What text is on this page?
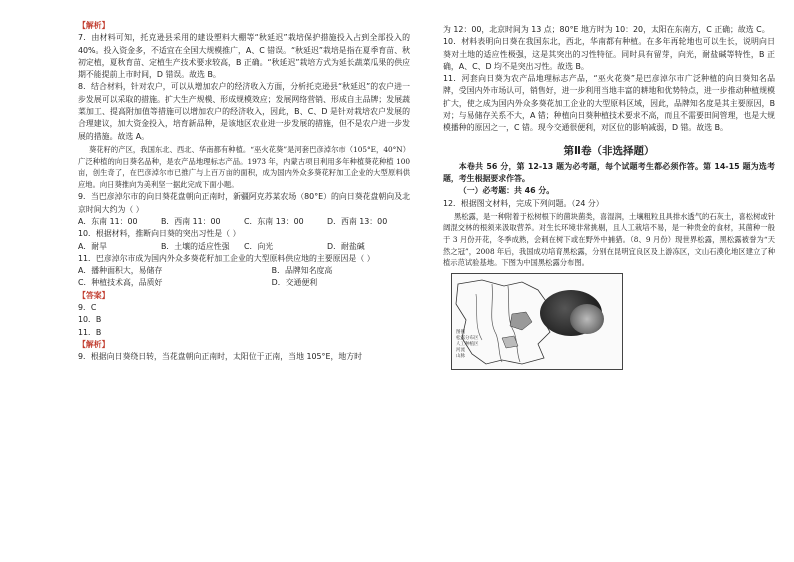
【解析】

7．由材料可知，托克逊县采用的建设塑料大棚等“秋延迟”栽培保护措施投入占到全部投入的 40%。投入资金多，不适宜在全国大规模推广，A、C 错误。“秋延迟”栽培是指在夏季育苗、秋初定植，夏秋育苗、定植生产技术要求较高，B 正确。“秋延迟”栽培方式为延长蔬菜瓜果的供应期不能提前上市时间，D 错误。故选 B。

8．结合材料，针对农户，可以从增加农户的经济收入方面，分析托克逊县“秋延迟”的农户进一步发展可以采取的措施。扩大生产规模、形成规模效应；发展网络营销、形成自主品牌；发展蔬菜加工、提高附加值等措施可以增加农户的经济收入，因此，B、C、D 是针对栽培农户发展的合理建议，加大资金投入，培育新品种，是该地区农业进一步发展的措施，但不是农户进一步发展的措施。故选 A。

葵花籽的产区，我国东北、西北、华南都有种植。“巫火花葵”是河套巴彦淖尔市（105°E，40°N）广泛种植的向日葵名品种，是农产品地理标志产品。1973 年，内蒙古项目利用多年种植葵花种植 100 亩，创生奇了，在巴彦淖尔市已推广与上百万亩的面积，成为国内外众多葵花籽加工企业的大型原料供应地。向日葵推向为美利坚一据此完成下面小题。

9．当巴彦淖尔市的向日葵花盘朝向正南时，新疆阿克苏某农场（80°E）的向日葵花盘朝向及北京时间大约为（ ）

A．东南 11：00	B．西南 11：00	C．东南 13：00	D．西南 13：00

10．根据材料，推断向日葵的突出习性是（ ）

A．耐旱	B．土壤的适应性强	C．向光	D．耐盐碱

11．巴彦淖尔市成为国内外众多葵花籽加工企业的大型原料供应地的主要原因是（ ）

A．播种面积大，易储存	B．品牌知名度高
C．种植技术高，品质好	D．交通便利

【答案】

9．C

10．B

11．B

【解析】

9．根据向日葵绕日转，当花盘朝向正南时，太阳位于正南，当地 105°E，地方时

为 12：00，北京时间为 13 点；80°E 地方时为 10：20，太阳在东南方，C 正确；故选 C。

10．材料表明向日葵在我国东北，西北，华南都有种植。在多年再轮地也可以生长，说明向日葵对土地的适应性极强，这是其突出的习性特征。同时具有留芽，向光，耐盐碱等特性，B 正确，A、C、D 均不是突出习性。故选 B。

11．河套向日葵为农产品地理标志产品，“巫火花葵”是巴彦淖尔市广泛种植的向日葵知名品牌，受国内外市场认可，销售好，进一步利用当地丰富的耕地和优势特点，进一步推动种植规模扩大，使之成为国内外众多葵花加工企业的大型原料区域，因此，品牌知名度是其主要原因，B 对；与易储存关系不大，A 错；种植向日葵种植技术要求不高，而且不需要田间管理，也是大规模播种的原因之一，C 错。现今交通很便利，对区位的影响减弱，D 错。故选 B。

第Ⅱ卷（非选择题）

本卷共 56 分，第 12-13 题为必考题，每个试题考生都必须作答。第 14-15 题为选考题，考生根据要求作答。

（一）必考题：共 46 分。

12．根据图文材料，完成下列问题。（24 分）

黑松露，是一种附着于松树根下的菌块菌类，喜湿润，土壤粗粒且具排水透气的石灰土，喜松树或针阔混交林的根须来汲取营养。对生长环境非常挑剔，且人工栽培不易，是一种贵金的食材，其菌种一般于 3 月份开花，冬季成熟，会刺在树下或在野外中捕猎。（8、9 月份）现世界松露，黑松露被誉为“天然之冠”，2008 年后，我国成功培育黑松露，分别在昆明宜良区及上游冻区，文山石漠化地区建立了种植示范试验基地。下图为中国黑松露分布图。

图例
松露分布区
人工种植区
河流
山脉
